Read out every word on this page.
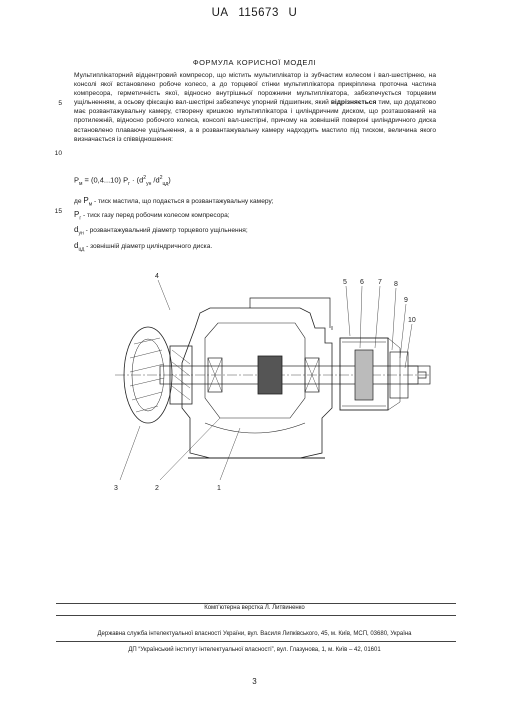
UA 115673 U
ФОРМУЛА КОРИСНОЇ МОДЕЛІ
Мультиплікаторний відцентровий компресор, що містить мультиплікатор із зубчастим колесом і вал-шестірнею, на консолі якої встановлено робоче колесо, а до торцевої стінки мультиплікатора прикріплена проточна частина компресора, герметичність якої, відносно внутрішньої порожнини мультиплікатора, забезпечується торцевим ущільненням, а осьову фіксацію вал-шестірні забезпечує упорний підшипник, який відрізняється тим, що додатково має розвантажувальну камеру, створену кришкою мультиплікатора і циліндричним диском, що розташований на протилежній, відносно робочого колеса, консолі вал-шестірні, причому на зовнішній поверхні циліндричного диска встановлено плаваюче ущільнення, а в розвантажувальну камеру надходить мастило під тиском, величина якого визначається із співвідношення:
5
10
15
$P_м = (0,4...10) P_г \cdot (d^2_{ун}$ $/d^2_{цд}$)
де $P_м$ - тиск мастила, що подається в розвантажувальну камеру;
$P_г$ - тиск газу перед робочим колесом компресора;
$d_{ун}$ - розвантажувальний діаметр торцевого ущільнення;
$d_{цд}$ - зовнішній діаметр циліндричного диска.
3	2	1
4
5 6 7 8
9
10
Комп'ютерна верстка Л. Литвиненко
Державна служба інтелектуальної власності України, вул. Василя Липківського, 45, м. Київ, МСП, 03680, Україна
ДП “Український інститут інтелектуальної власності”, вул. Глазунова, 1, м. Київ – 42, 01601
3
